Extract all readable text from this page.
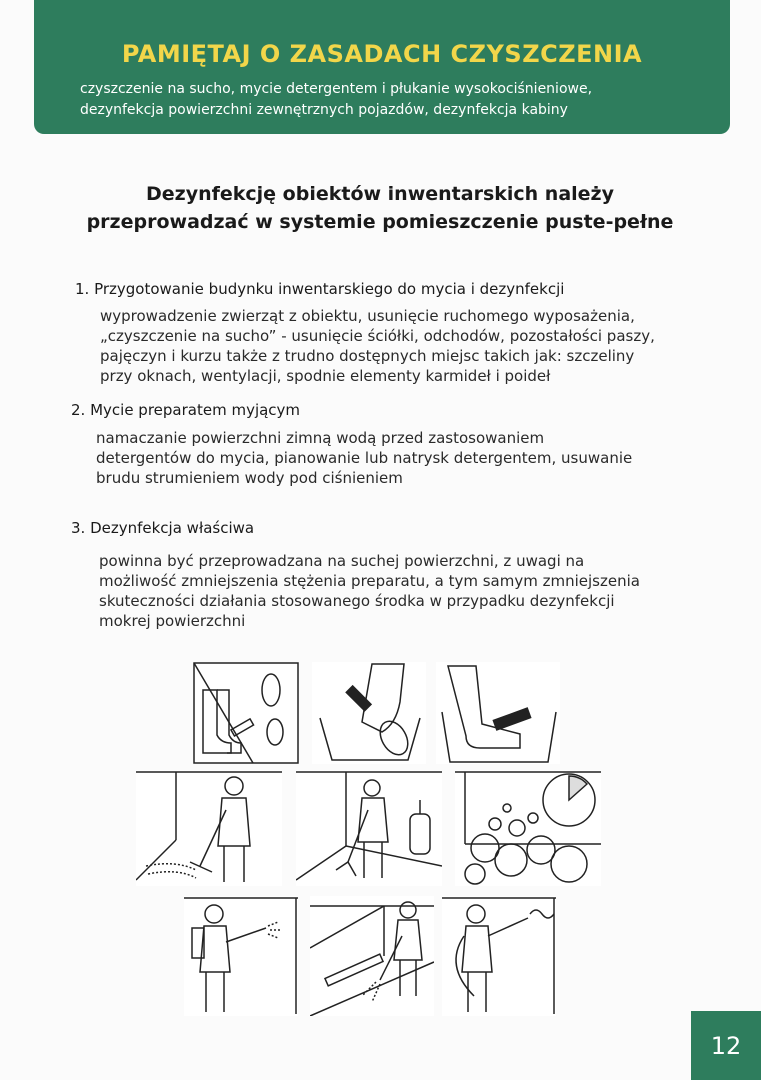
PAMIĘTAJ O ZASADACH CZYSZCZENIA
czyszczenie na sucho, mycie detergentem i płukanie wysokociśnieniowe,
dezynfekcja powierzchni zewnętrznych pojazdów, dezynfekcja kabiny
Dezynfekcję obiektów inwentarskich należy
przeprowadzać w systemie pomieszczenie puste-pełne
1. Przygotowanie budynku inwentarskiego do mycia i dezynfekcji
wyprowadzenie zwierząt z obiektu, usunięcie ruchomego wyposażenia,
„czyszczenie na sucho” - usunięcie ściółki, odchodów, pozostałości paszy,
pajęczyn i kurzu także z trudno dostępnych miejsc takich jak: szczeliny
przy oknach, wentylacji, spodnie elementy karmideł i poideł
2. Mycie preparatem myjącym
namaczanie powierzchni zimną wodą przed zastosowaniem
detergentów do mycia, pianowanie lub natrysk detergentem, usuwanie
brudu strumieniem wody pod ciśnieniem
3. Dezynfekcja właściwa
powinna być przeprowadzana na suchej powierzchni, z uwagi na
możliwość zmniejszenia stężenia preparatu, a tym samym zmniejszenia
skuteczności działania stosowanego środka w przypadku dezynfekcji
mokrej powierzchni
12
